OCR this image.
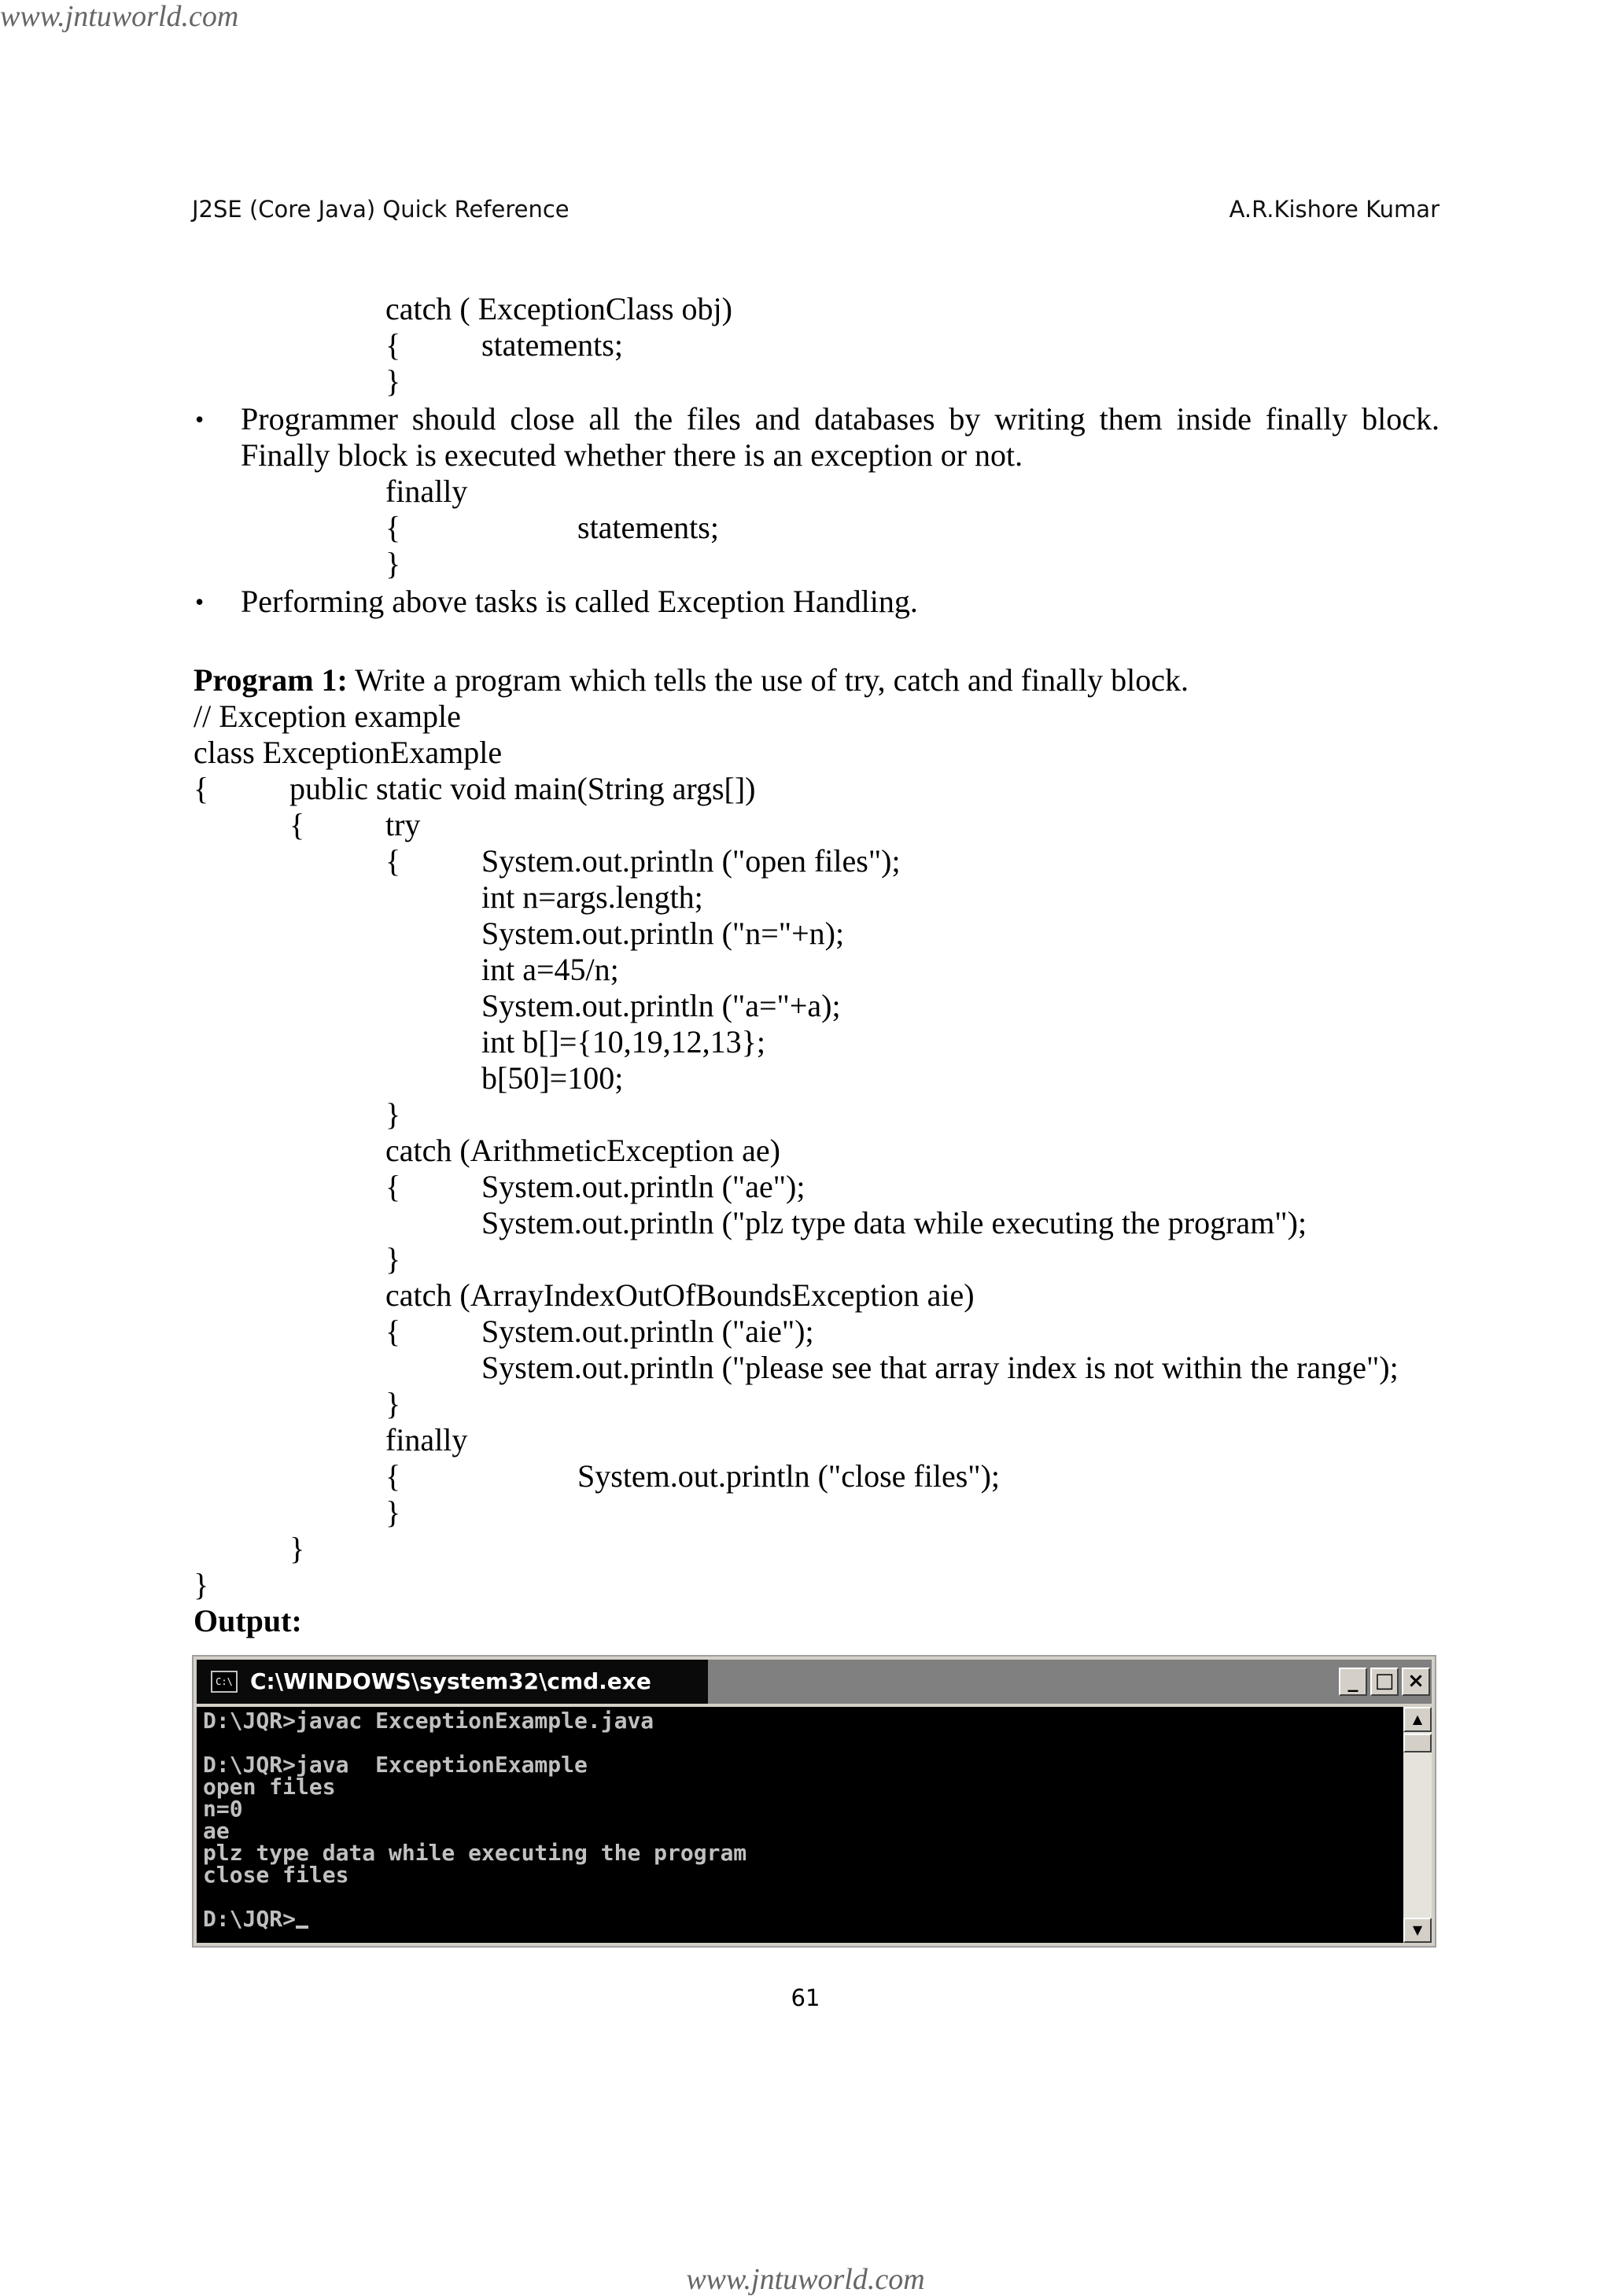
www.jntuworld.com
J2SE (Core Java) Quick Reference	A.R.Kishore Kumar
catch ( ExceptionClass obj)
{	statements;
}
• Programmer should close all the files and databases by writing them inside finally block.
Finally block is executed whether there is an exception or not.
finally
{	statements;
}
• Performing above tasks is called Exception Handling.
Program 1: Write a program which tells the use of try, catch and finally block.
// Exception example
class ExceptionExample
{	public static void main(String args[])
{	try
{	System.out.println ("open files");
int n=args.length;
System.out.println ("n="+n);
int a=45/n;
System.out.println ("a="+a);
int b[]={10,19,12,13};
b[50]=100;
}
catch (ArithmeticException ae)
{	System.out.println ("ae");
System.out.println ("plz type data while executing the program");
}
catch (ArrayIndexOutOfBoundsException aie)
{	System.out.println ("aie");
System.out.println ("please see that array index is not within the range");
}
finally
{	System.out.println ("close files");
}
}
}
Output:
C:\ C:\WINDOWS\system32\cmd.exe	_ □ ×
D:\JQR>javac ExceptionExample.java
D:\JQR>java  ExceptionExample
open files
n=0
ae
plz type data while executing the program
close files
D:\JQR>
▲
▼
61
www.jntuworld.com
